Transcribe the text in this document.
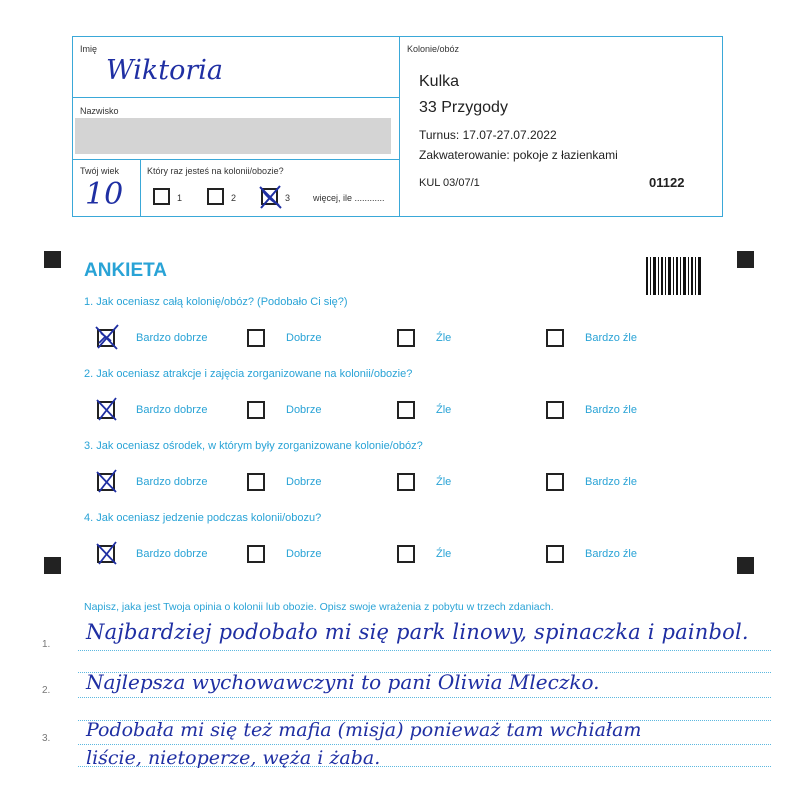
Imię
Wiktoria
Nazwisko
Twój wiek
10
Który raz jesteś na kolonii/obozie?
1	2	3	więcej, ile ............
Kolonie/obóz
Kulka
33 Przygody
Turnus: 17.07-27.07.2022
Zakwaterowanie: pokoje z łazienkami
KUL 03/07/1	01122
ANKIETA
1. Jak oceniasz całą kolonię/obóz? (Podobało Ci się?)
Bardzo dobrze	Dobrze	Źle	Bardzo źle
2. Jak oceniasz atrakcje i zajęcia zorganizowane na kolonii/obozie?
Bardzo dobrze	Dobrze	Źle	Bardzo źle
3. Jak oceniasz ośrodek, w którym były zorganizowane kolonie/obóz?
Bardzo dobrze	Dobrze	Źle	Bardzo źle
4. Jak oceniasz jedzenie podczas kolonii/obozu?
Bardzo dobrze	Dobrze	Źle	Bardzo źle
Napisz, jaka jest Twoja opinia o kolonii lub obozie. Opisz swoje wrażenia z pobytu w trzech zdaniach.
1.
2.
3.
Najbardziej podobało mi się park linowy, spinaczka i painbol.
Najlepsza wychowawczyni to pani Oliwia Mleczko.
Podobała mi się też mafia (misja) ponieważ tam wchiałam
liście, nietoperze, węża i żaba.
